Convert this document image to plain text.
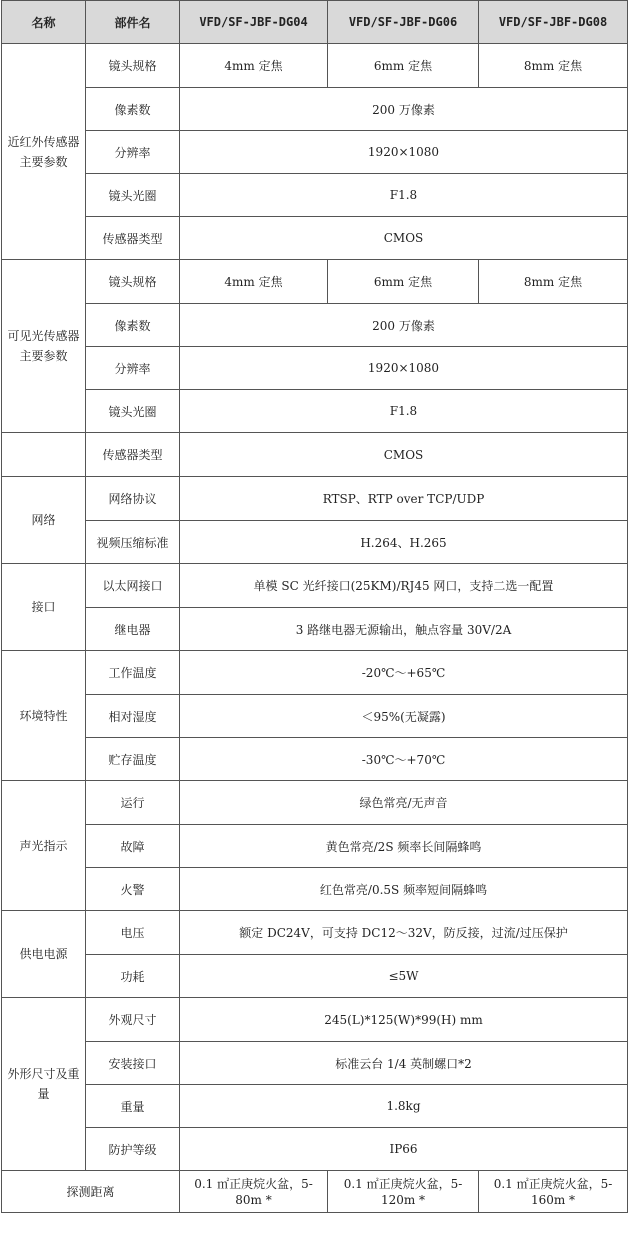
名称	部件名	VFD/SF-JBF-DG04	VFD/SF-JBF-DG06	VFD/SF-JBF-DG08
近红外传感器主要参数	镜头规格	4mm 定焦	6mm 定焦	8mm 定焦
	像素数	200 万像素		
	分辨率	1920×1080		
	镜头光圈	F1.8		
	传感器类型	CMOS		
可见光传感器主要参数	镜头规格	4mm 定焦	6mm 定焦	8mm 定焦
	像素数	200 万像素		
	分辨率	1920×1080		
	镜头光圈	F1.8		
	传感器类型	CMOS		
网络	网络协议	RTSP、RTP over TCP/UDP		
	视频压缩标准	H.264、H.265		
接口	以太网接口	单模 SC 光纤接口(25KM)/RJ45 网口，支持二选一配置		
	继电器	3 路继电器无源输出，触点容量 30V/2A		
环境特性	工作温度	-20℃～+65℃		
	相对湿度	＜95%(无凝露)		
	贮存温度	-30℃～+70℃		
声光指示	运行	绿色常亮/无声音		
	故障	黄色常亮/2S 频率长间隔蜂鸣		
	火警	红色常亮/0.5S 频率短间隔蜂鸣		
供电电源	电压	额定 DC24V，可支持 DC12～32V，防反接，过流/过压保护		
	功耗	≤5W		
外形尺寸及重量	外观尺寸	245(L)*125(W)*99(H) mm		
	安装接口	标准云台 1/4 英制螺口*2		
	重量	1.8kg		
	防护等级	IP66		
探测距离		0.1 ㎡正庚烷火盆，5-80m *	0.1 ㎡正庚烷火盆，5-120m *	0.1 ㎡正庚烷火盆，5-160m *
